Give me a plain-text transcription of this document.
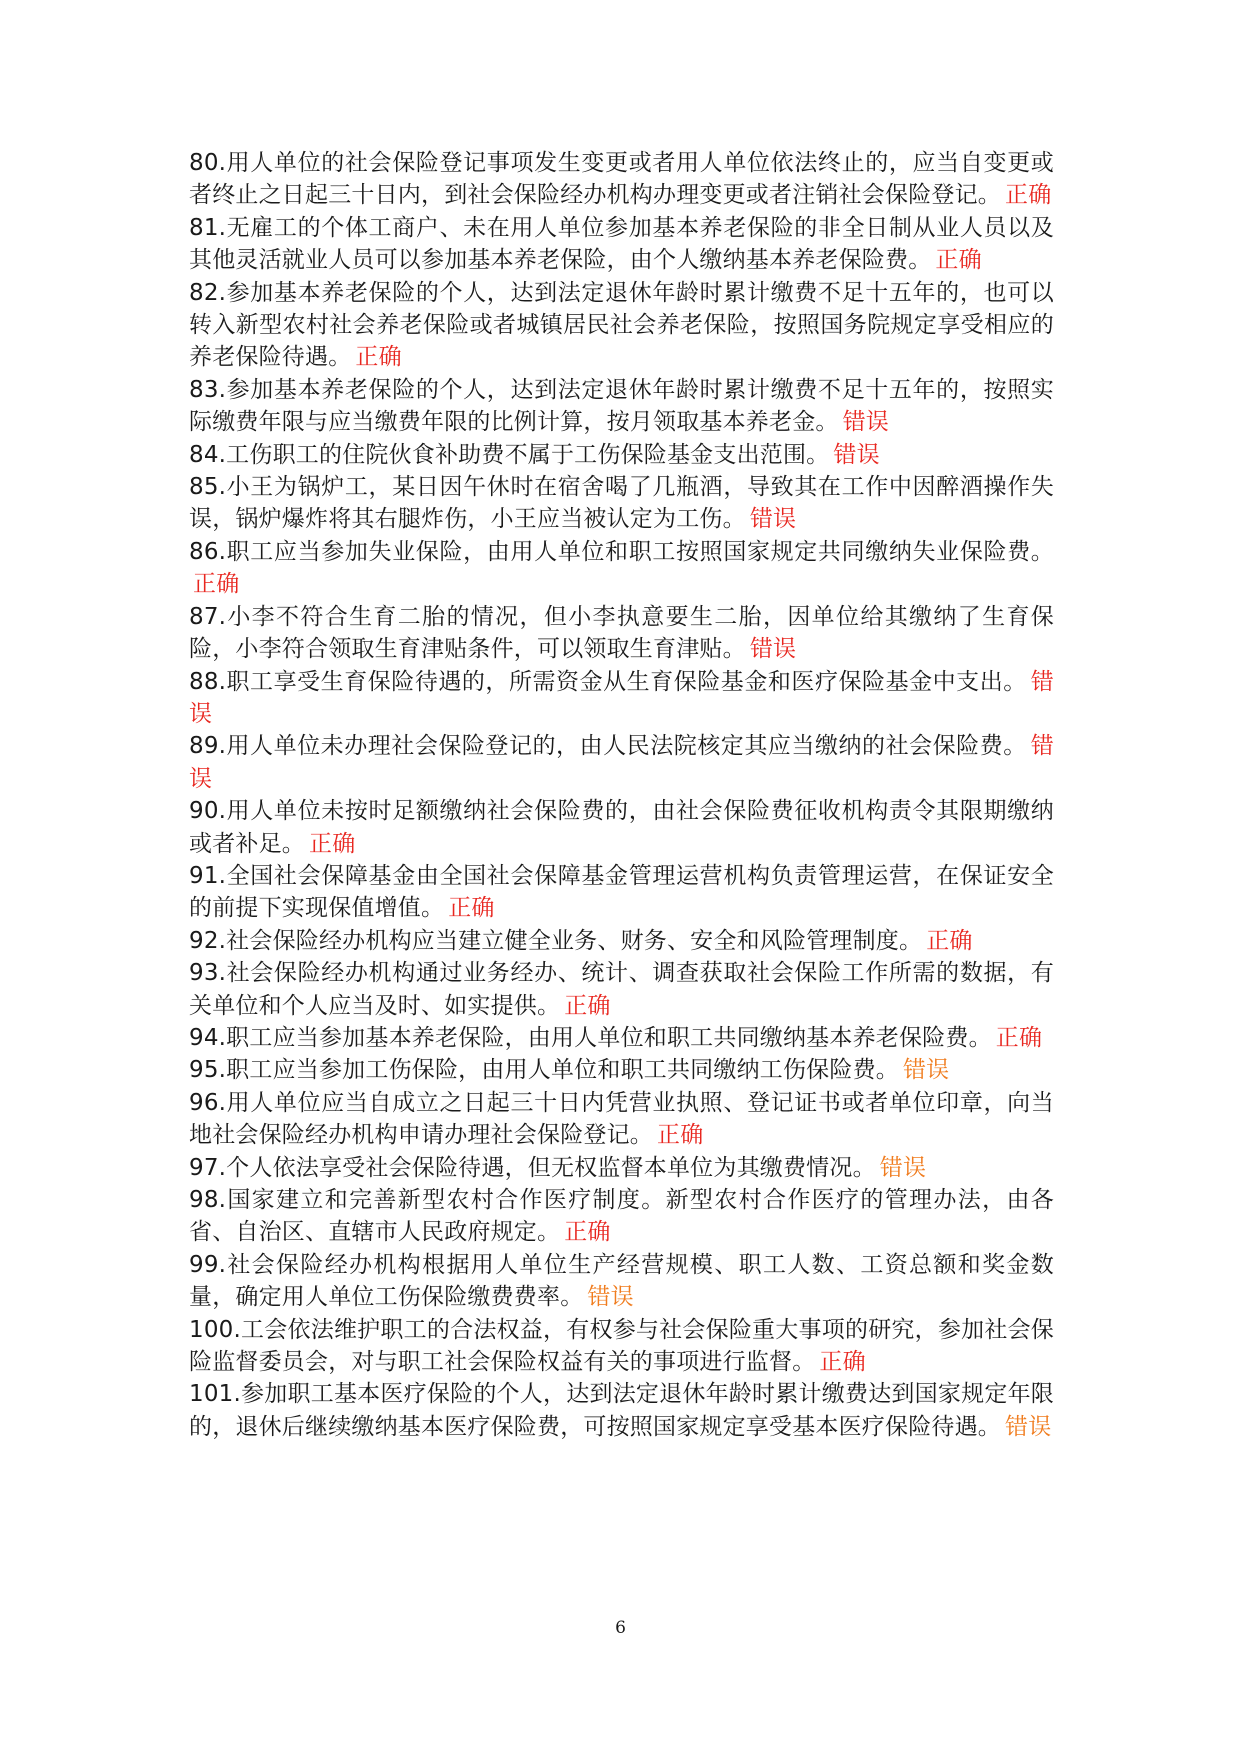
80.用人单位的社会保险登记事项发生变更或者用人单位依法终止的，应当自变更或者终止之日起三十日内，到社会保险经办机构办理变更或者注销社会保险登记。 正确

81.无雇工的个体工商户、未在用人单位参加基本养老保险的非全日制从业人员以及其他灵活就业人员可以参加基本养老保险，由个人缴纳基本养老保险费。 正确

82.参加基本养老保险的个人，达到法定退休年龄时累计缴费不足十五年的，也可以转入新型农村社会养老保险或者城镇居民社会养老保险，按照国务院规定享受相应的养老保险待遇。 正确

83.参加基本养老保险的个人，达到法定退休年龄时累计缴费不足十五年的，按照实际缴费年限与应当缴费年限的比例计算，按月领取基本养老金。 错误

84.工伤职工的住院伙食补助费不属于工伤保险基金支出范围。 错误

85.小王为锅炉工，某日因午休时在宿舍喝了几瓶酒，导致其在工作中因醉酒操作失误，锅炉爆炸将其右腿炸伤，小王应当被认定为工伤。 错误

86.职工应当参加失业保险，由用人单位和职工按照国家规定共同缴纳失业保险费。正确

87.小李不符合生育二胎的情况，但小李执意要生二胎，因单位给其缴纳了生育保险，小李符合领取生育津贴条件，可以领取生育津贴。 错误

88.职工享受生育保险待遇的，所需资金从生育保险基金和医疗保险基金中支出。 错误

89.用人单位未办理社会保险登记的，由人民法院核定其应当缴纳的社会保险费。 错误

90.用人单位未按时足额缴纳社会保险费的，由社会保险费征收机构责令其限期缴纳或者补足。 正确

91.全国社会保障基金由全国社会保障基金管理运营机构负责管理运营，在保证安全的前提下实现保值增值。 正确

92.社会保险经办机构应当建立健全业务、财务、安全和风险管理制度。 正确

93.社会保险经办机构通过业务经办、统计、调查获取社会保险工作所需的数据，有关单位和个人应当及时、如实提供。 正确

94.职工应当参加基本养老保险，由用人单位和职工共同缴纳基本养老保险费。 正确

95.职工应当参加工伤保险，由用人单位和职工共同缴纳工伤保险费。 错误

96.用人单位应当自成立之日起三十日内凭营业执照、登记证书或者单位印章，向当地社会保险经办机构申请办理社会保险登记。 正确

97.个人依法享受社会保险待遇，但无权监督本单位为其缴费情况。 错误

98.国家建立和完善新型农村合作医疗制度。新型农村合作医疗的管理办法，由各省、自治区、直辖市人民政府规定。 正确

99.社会保险经办机构根据用人单位生产经营规模、职工人数、工资总额和奖金数量，确定用人单位工伤保险缴费费率。 错误

100.工会依法维护职工的合法权益，有权参与社会保险重大事项的研究，参加社会保险监督委员会，对与职工社会保险权益有关的事项进行监督。 正确

101.参加职工基本医疗保险的个人，达到法定退休年龄时累计缴费达到国家规定年限的，退休后继续缴纳基本医疗保险费，可按照国家规定享受基本医疗保险待遇。 错误

6
